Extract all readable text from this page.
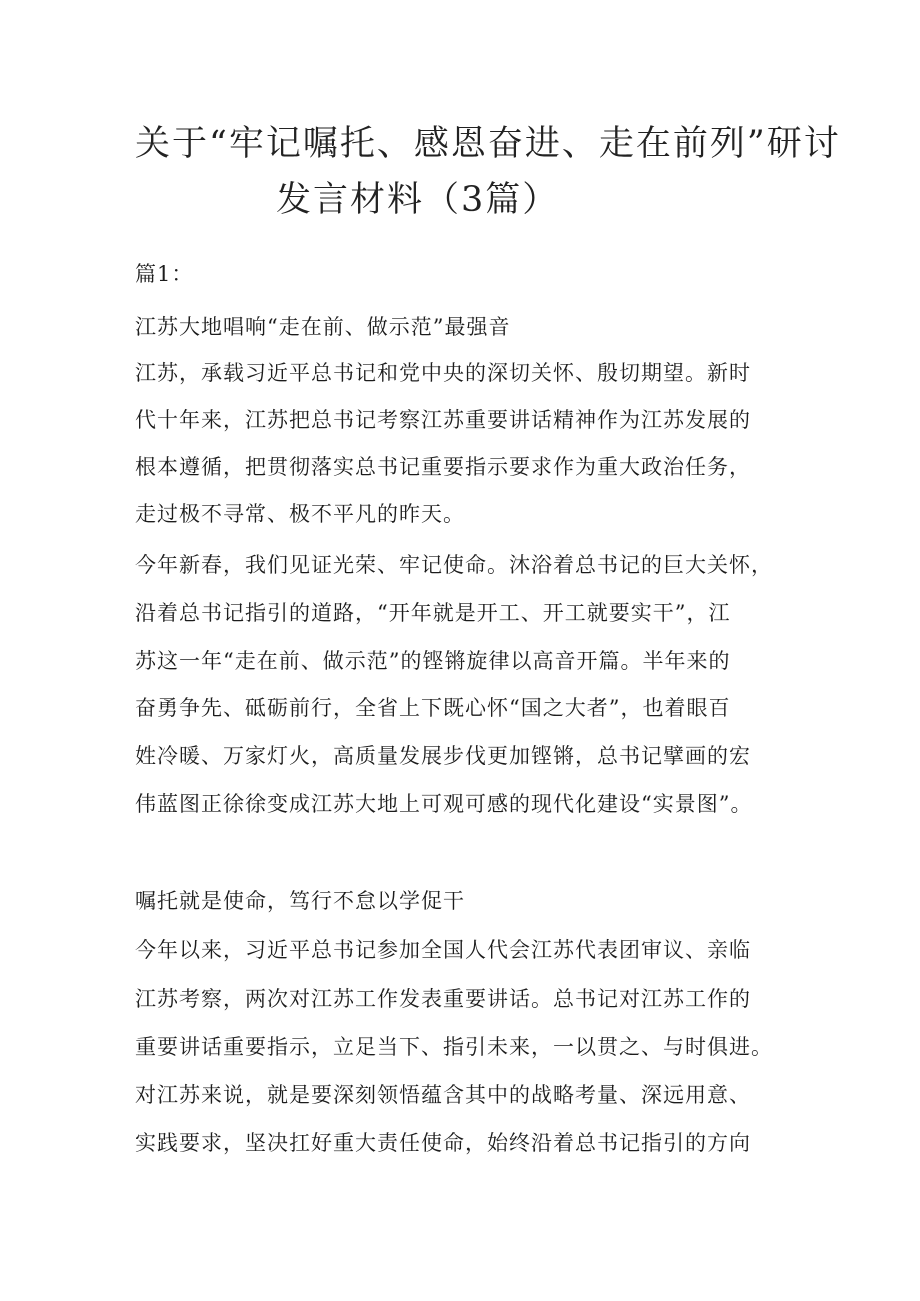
关于“牢记嘱托、感恩奋进、走在前列”研讨
发言材料（3篇）
篇1：
江苏大地唱响“走在前、做示范”最强音
江苏，承载习近平总书记和党中央的深切关怀、殷切期望。新时
代十年来，江苏把总书记考察江苏重要讲话精神作为江苏发展的
根本遵循，把贯彻落实总书记重要指示要求作为重大政治任务，
走过极不寻常、极不平凡的昨天。
今年新春，我们见证光荣、牢记使命。沐浴着总书记的巨大关怀，
沿着总书记指引的道路，“开年就是开工、开工就要实干”，江
苏这一年“走在前、做示范”的铿锵旋律以高音开篇。半年来的
奋勇争先、砥砺前行，全省上下既心怀“国之大者”，也着眼百
姓冷暖、万家灯火，高质量发展步伐更加铿锵，总书记擘画的宏
伟蓝图正徐徐变成江苏大地上可观可感的现代化建设“实景图”。
嘱托就是使命，笃行不怠以学促干
今年以来，习近平总书记参加全国人代会江苏代表团审议、亲临
江苏考察，两次对江苏工作发表重要讲话。总书记对江苏工作的
重要讲话重要指示，立足当下、指引未来，一以贯之、与时俱进。
对江苏来说，就是要深刻领悟蕴含其中的战略考量、深远用意、
实践要求，坚决扛好重大责任使命，始终沿着总书记指引的方向
